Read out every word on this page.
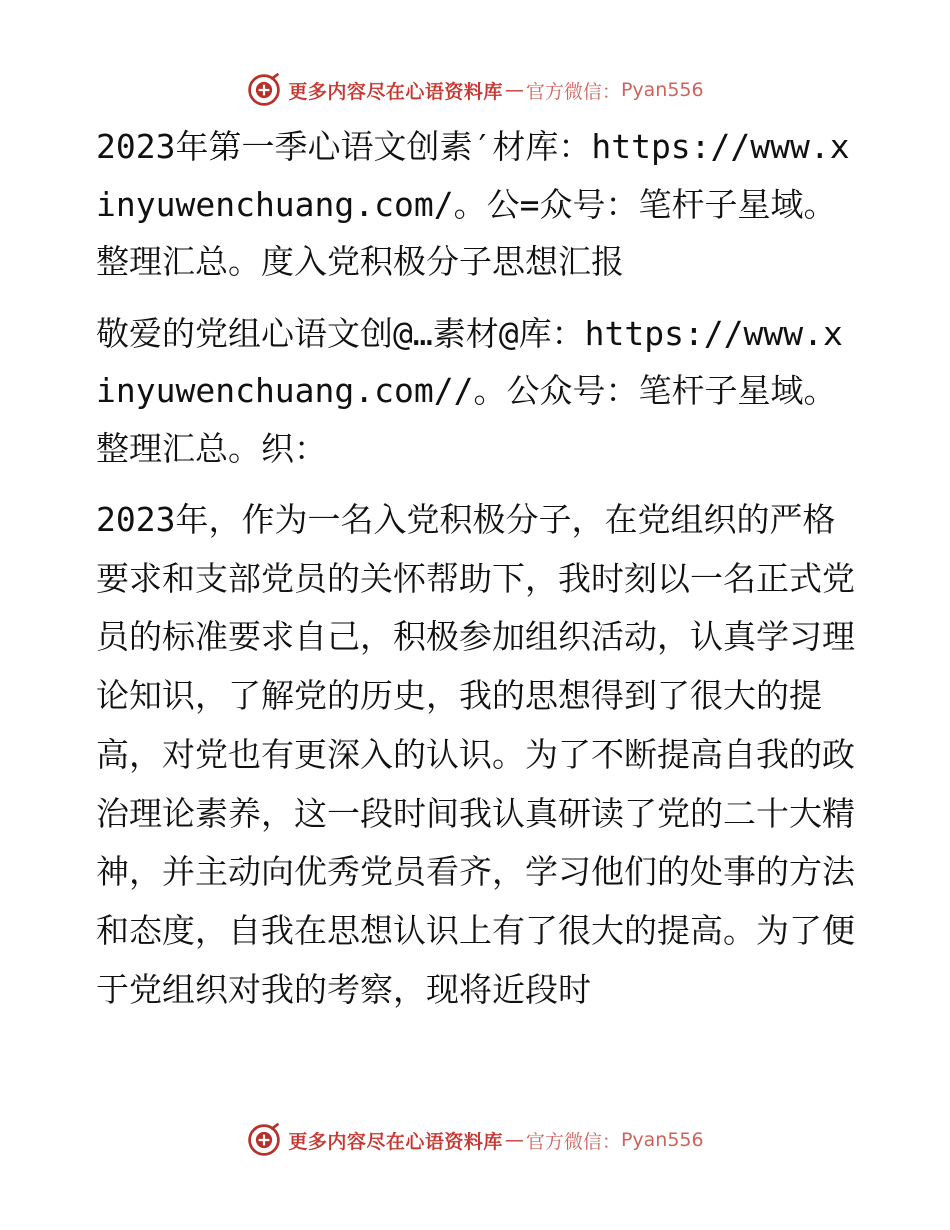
更多内容尽在心语资料库 — 官方微信： Pyan556

2023年第一季心语文创素′材库：https://www.xinyuwenchuang.com/。公=众号：笔杆子星域。整理汇总。度入党积极分子思想汇报

敬爱的党组心语文创@…素材@库：https://www.xinyuwenchuang.com//。公众号：笔杆子星域。整理汇总。织：

2023年，作为一名入党积极分子，在党组织的严格要求和支部党员的关怀帮助下，我时刻以一名正式党员的标准要求自己，积极参加组织活动，认真学习理论知识，了解党的历史，我的思想得到了很大的提高，对党也有更深入的认识。为了不断提高自我的政治理论素养，这一段时间我认真研读了党的二十大精神，并主动向优秀党员看齐，学习他们的处事的方法和态度，自我在思想认识上有了很大的提高。为了便于党组织对我的考察，现将近段时

更多内容尽在心语资料库 — 官方微信： Pyan556
